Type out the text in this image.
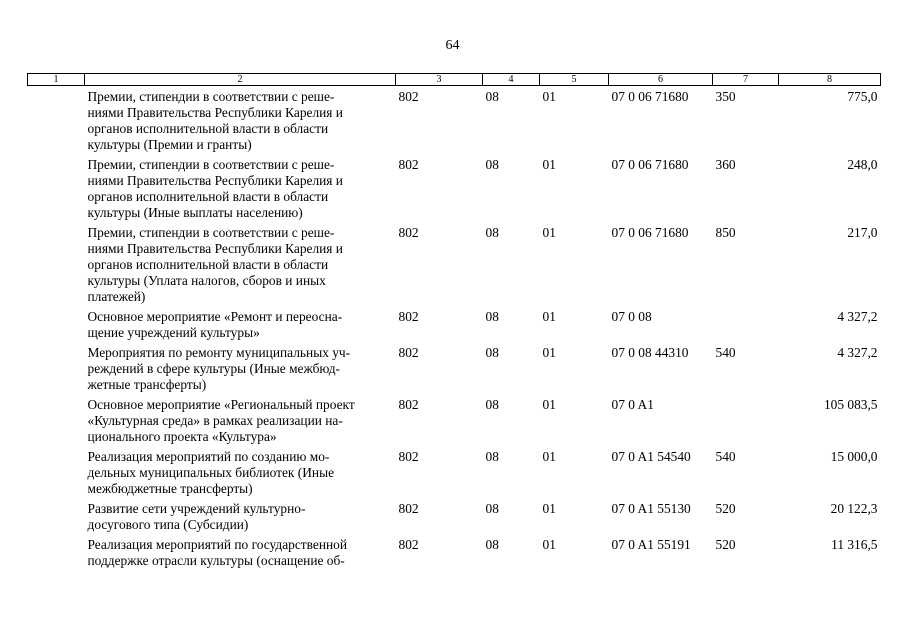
64
1	2	3	4	5	6	7	8
	Премии, стипендии в соответствии с реше-
ниями Правительства Республики Карелия и
органов исполнительной власти в области
культуры (Премии и гранты)	802	08	01	07 0 06 71680	350	775,0
	Премии, стипендии в соответствии с реше-
ниями Правительства Республики Карелия и
органов исполнительной власти в области
культуры (Иные выплаты населению)	802	08	01	07 0 06 71680	360	248,0
	Премии, стипендии в соответствии с реше-
ниями Правительства Республики Карелия и
органов исполнительной власти в области
культуры (Уплата налогов, сборов и иных
платежей)	802	08	01	07 0 06 71680	850	217,0
	Основное мероприятие «Ремонт и переосна-
щение учреждений культуры»	802	08	01	07 0 08		4 327,2
	Мероприятия по ремонту муниципальных уч-
реждений в сфере культуры (Иные межбюд-
жетные трансферты)	802	08	01	07 0 08 44310	540	4 327,2
	Основное мероприятие «Региональный проект
«Культурная среда» в рамках реализации на-
ционального проекта «Культура»	802	08	01	07 0 A1		105 083,5
	Реализация мероприятий по созданию мо-
дельных муниципальных библиотек (Иные
межбюджетные трансферты)	802	08	01	07 0 A1 54540	540	15 000,0
	Развитие сети учреждений культурно-
досугового типа (Субсидии)	802	08	01	07 0 A1 55130	520	20 122,3
	Реализация мероприятий по государственной
поддержке отрасли культуры (оснащение об-	802	08	01	07 0 A1 55191	520	11 316,5
